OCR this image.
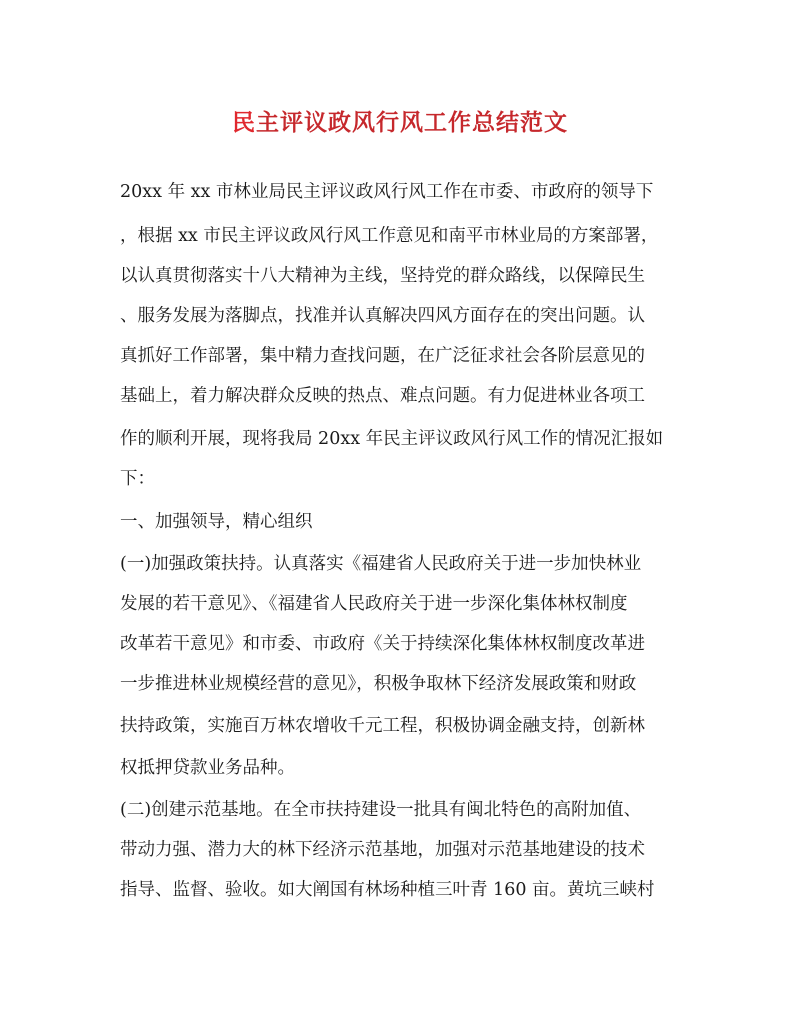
民主评议政风行风工作总结范文
20xx 年 xx 市林业局民主评议政风行风工作在市委、市政府的领导下
，根据 xx 市民主评议政风行风工作意见和南平市林业局的方案部署，
以认真贯彻落实十八大精神为主线，坚持党的群众路线，以保障民生
、服务发展为落脚点，找准并认真解决四风方面存在的突出问题。认
真抓好工作部署，集中精力查找问题，在广泛征求社会各阶层意见的
基础上，着力解决群众反映的热点、难点问题。有力促进林业各项工
作的顺利开展，现将我局 20xx 年民主评议政风行风工作的情况汇报如
下：
一、加强领导，精心组织
(一)加强政策扶持。认真落实《福建省人民政府关于进一步加快林业
发展的若干意见》、《福建省人民政府关于进一步深化集体林权制度
改革若干意见》和市委、市政府《关于持续深化集体林权制度改革进
一步推进林业规模经营的意见》，积极争取林下经济发展政策和财政
扶持政策，实施百万林农增收千元工程，积极协调金融支持，创新林
权抵押贷款业务品种。
(二)创建示范基地。在全市扶持建设一批具有闽北特色的高附加值、
带动力强、潜力大的林下经济示范基地，加强对示范基地建设的技术
指导、监督、验收。如大阐国有林场种植三叶青 160 亩。黄坑三峡村
